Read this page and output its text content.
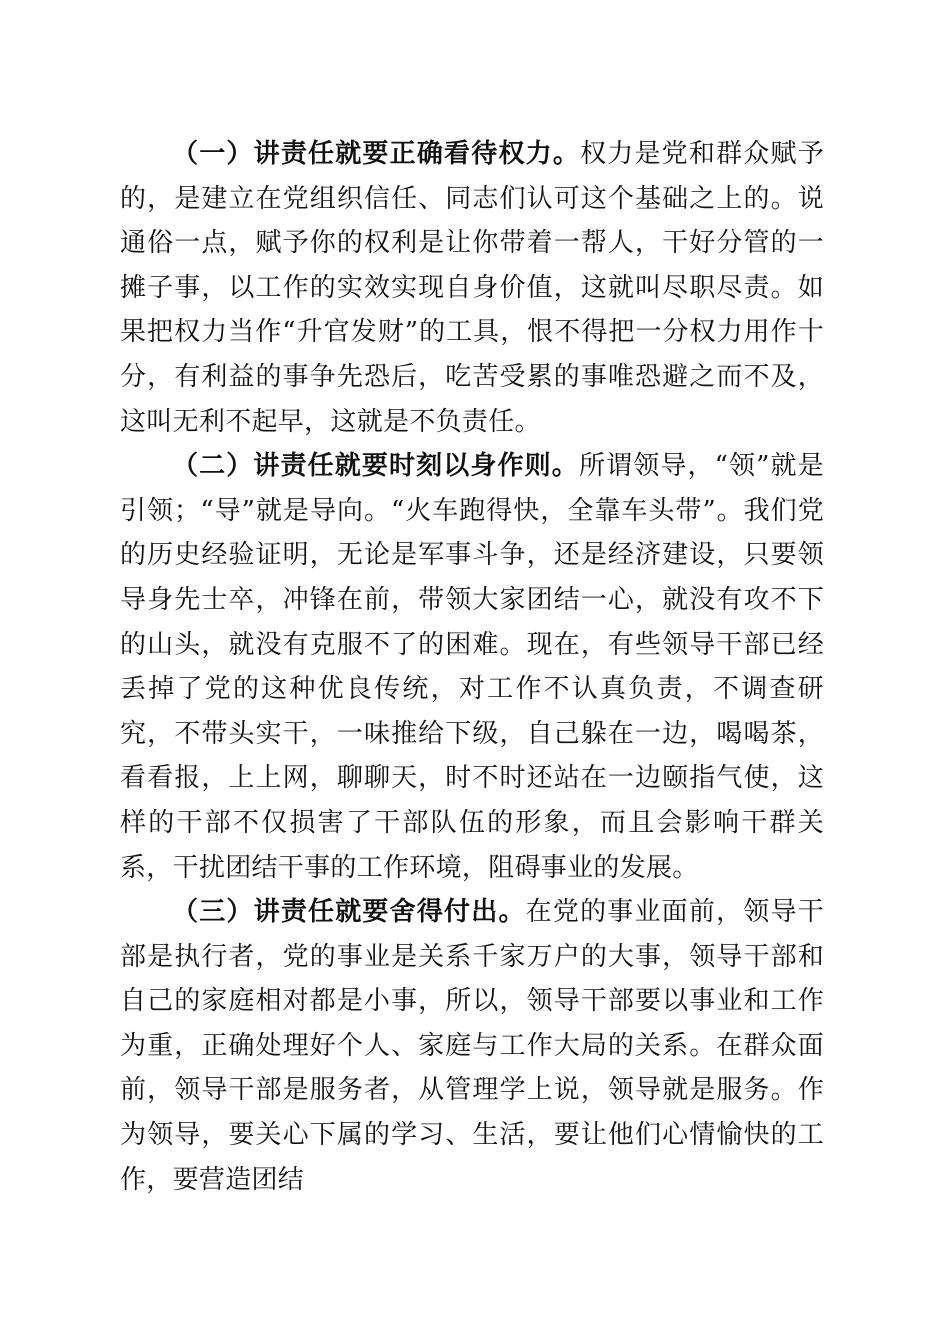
（一）讲责任就要正确看待权力。权力是党和群众赋予的，是建立在党组织信任、同志们认可这个基础之上的。说通俗一点，赋予你的权利是让你带着一帮人，干好分管的一摊子事，以工作的实效实现自身价值，这就叫尽职尽责。如果把权力当作“升官发财”的工具，恨不得把一分权力用作十分，有利益的事争先恐后，吃苦受累的事唯恐避之而不及，这叫无利不起早，这就是不负责任。

（二）讲责任就要时刻以身作则。所谓领导，“领”就是引领；“导”就是导向。“火车跑得快，全靠车头带”。我们党的历史经验证明，无论是军事斗争，还是经济建设，只要领导身先士卒，冲锋在前，带领大家团结一心，就没有攻不下的山头，就没有克服不了的困难。现在，有些领导干部已经丢掉了党的这种优良传统，对工作不认真负责，不调查研究，不带头实干，一味推给下级，自己躲在一边，喝喝茶，看看报，上上网，聊聊天，时不时还站在一边颐指气使，这样的干部不仅损害了干部队伍的形象，而且会影响干群关系，干扰团结干事的工作环境，阻碍事业的发展。

（三）讲责任就要舍得付出。在党的事业面前，领导干部是执行者，党的事业是关系千家万户的大事，领导干部和自己的家庭相对都是小事，所以，领导干部要以事业和工作为重，正确处理好个人、家庭与工作大局的关系。在群众面前，领导干部是服务者，从管理学上说，领导就是服务。作为领导，要关心下属的学习、生活，要让他们心情愉快的工作，要营造团结
